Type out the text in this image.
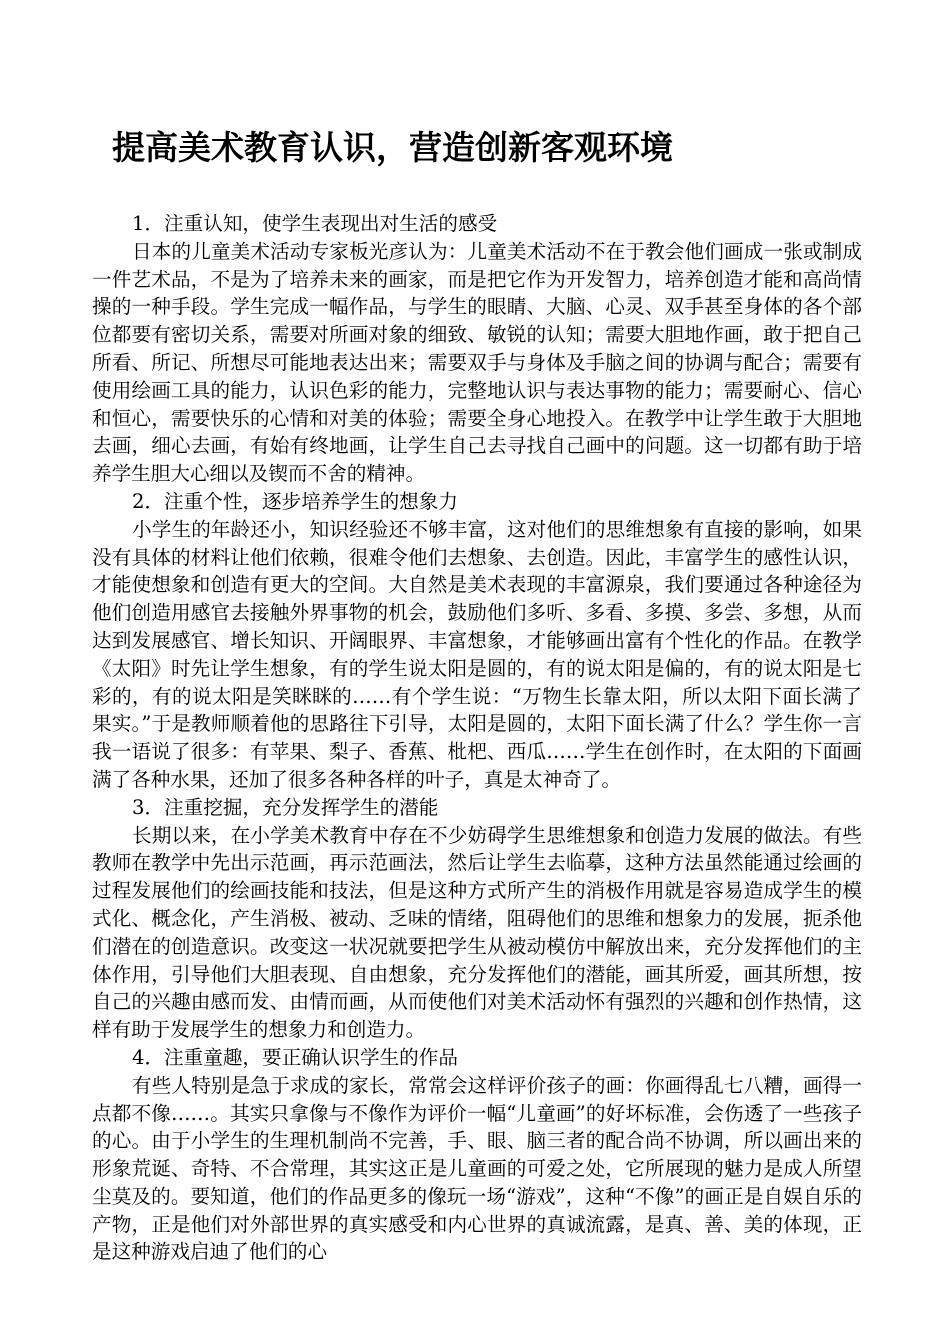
提高美术教育认识，营造创新客观环境

1．注重认知，使学生表现出对生活的感受

日本的儿童美术活动专家板光彦认为：儿童美术活动不在于教会他们画成一张或制成一件艺术品，不是为了培养未来的画家，而是把它作为开发智力，培养创造才能和高尚情操的一种手段。学生完成一幅作品，与学生的眼睛、大脑、心灵、双手甚至身体的各个部位都要有密切关系，需要对所画对象的细致、敏锐的认知；需要大胆地作画，敢于把自己所看、所记、所想尽可能地表达出来；需要双手与身体及手脑之间的协调与配合；需要有使用绘画工具的能力，认识色彩的能力，完整地认识与表达事物的能力；需要耐心、信心和恒心，需要快乐的心情和对美的体验；需要全身心地投入。在教学中让学生敢于大胆地去画，细心去画，有始有终地画，让学生自己去寻找自己画中的问题。这一切都有助于培养学生胆大心细以及锲而不舍的精神。

2．注重个性，逐步培养学生的想象力

小学生的年龄还小，知识经验还不够丰富，这对他们的思维想象有直接的影响，如果没有具体的材料让他们依赖，很难令他们去想象、去创造。因此，丰富学生的感性认识，才能使想象和创造有更大的空间。大自然是美术表现的丰富源泉，我们要通过各种途径为他们创造用感官去接触外界事物的机会，鼓励他们多听、多看、多摸、多尝、多想，从而达到发展感官、增长知识、开阔眼界、丰富想象，才能够画出富有个性化的作品。在教学《太阳》时先让学生想象，有的学生说太阳是圆的，有的说太阳是偏的，有的说太阳是七彩的，有的说太阳是笑眯眯的……有个学生说：“万物生长靠太阳，所以太阳下面长满了果实。”于是教师顺着他的思路往下引导，太阳是圆的，太阳下面长满了什么？学生你一言我一语说了很多：有苹果、梨子、香蕉、枇杷、西瓜……学生在创作时，在太阳的下面画满了各种水果，还加了很多各种各样的叶子，真是太神奇了。

3．注重挖掘，充分发挥学生的潜能

长期以来，在小学美术教育中存在不少妨碍学生思维想象和创造力发展的做法。有些教师在教学中先出示范画，再示范画法，然后让学生去临摹，这种方法虽然能通过绘画的过程发展他们的绘画技能和技法，但是这种方式所产生的消极作用就是容易造成学生的模式化、概念化，产生消极、被动、乏味的情绪，阻碍他们的思维和想象力的发展，扼杀他们潜在的创造意识。改变这一状况就要把学生从被动模仿中解放出来，充分发挥他们的主体作用，引导他们大胆表现、自由想象，充分发挥他们的潜能，画其所爱，画其所想，按自己的兴趣由感而发、由情而画，从而使他们对美术活动怀有强烈的兴趣和创作热情，这样有助于发展学生的想象力和创造力。

4．注重童趣，要正确认识学生的作品

有些人特别是急于求成的家长，常常会这样评价孩子的画：你画得乱七八糟，画得一点都不像……。其实只拿像与不像作为评价一幅“儿童画”的好坏标准，会伤透了一些孩子的心。由于小学生的生理机制尚不完善，手、眼、脑三者的配合尚不协调，所以画出来的形象荒诞、奇特、不合常理，其实这正是儿童画的可爱之处，它所展现的魅力是成人所望尘莫及的。要知道，他们的作品更多的像玩一场“游戏”，这种“不像”的画正是自娱自乐的产物，正是他们对外部世界的真实感受和内心世界的真诚流露，是真、善、美的体现，正是这种游戏启迪了他们的心
